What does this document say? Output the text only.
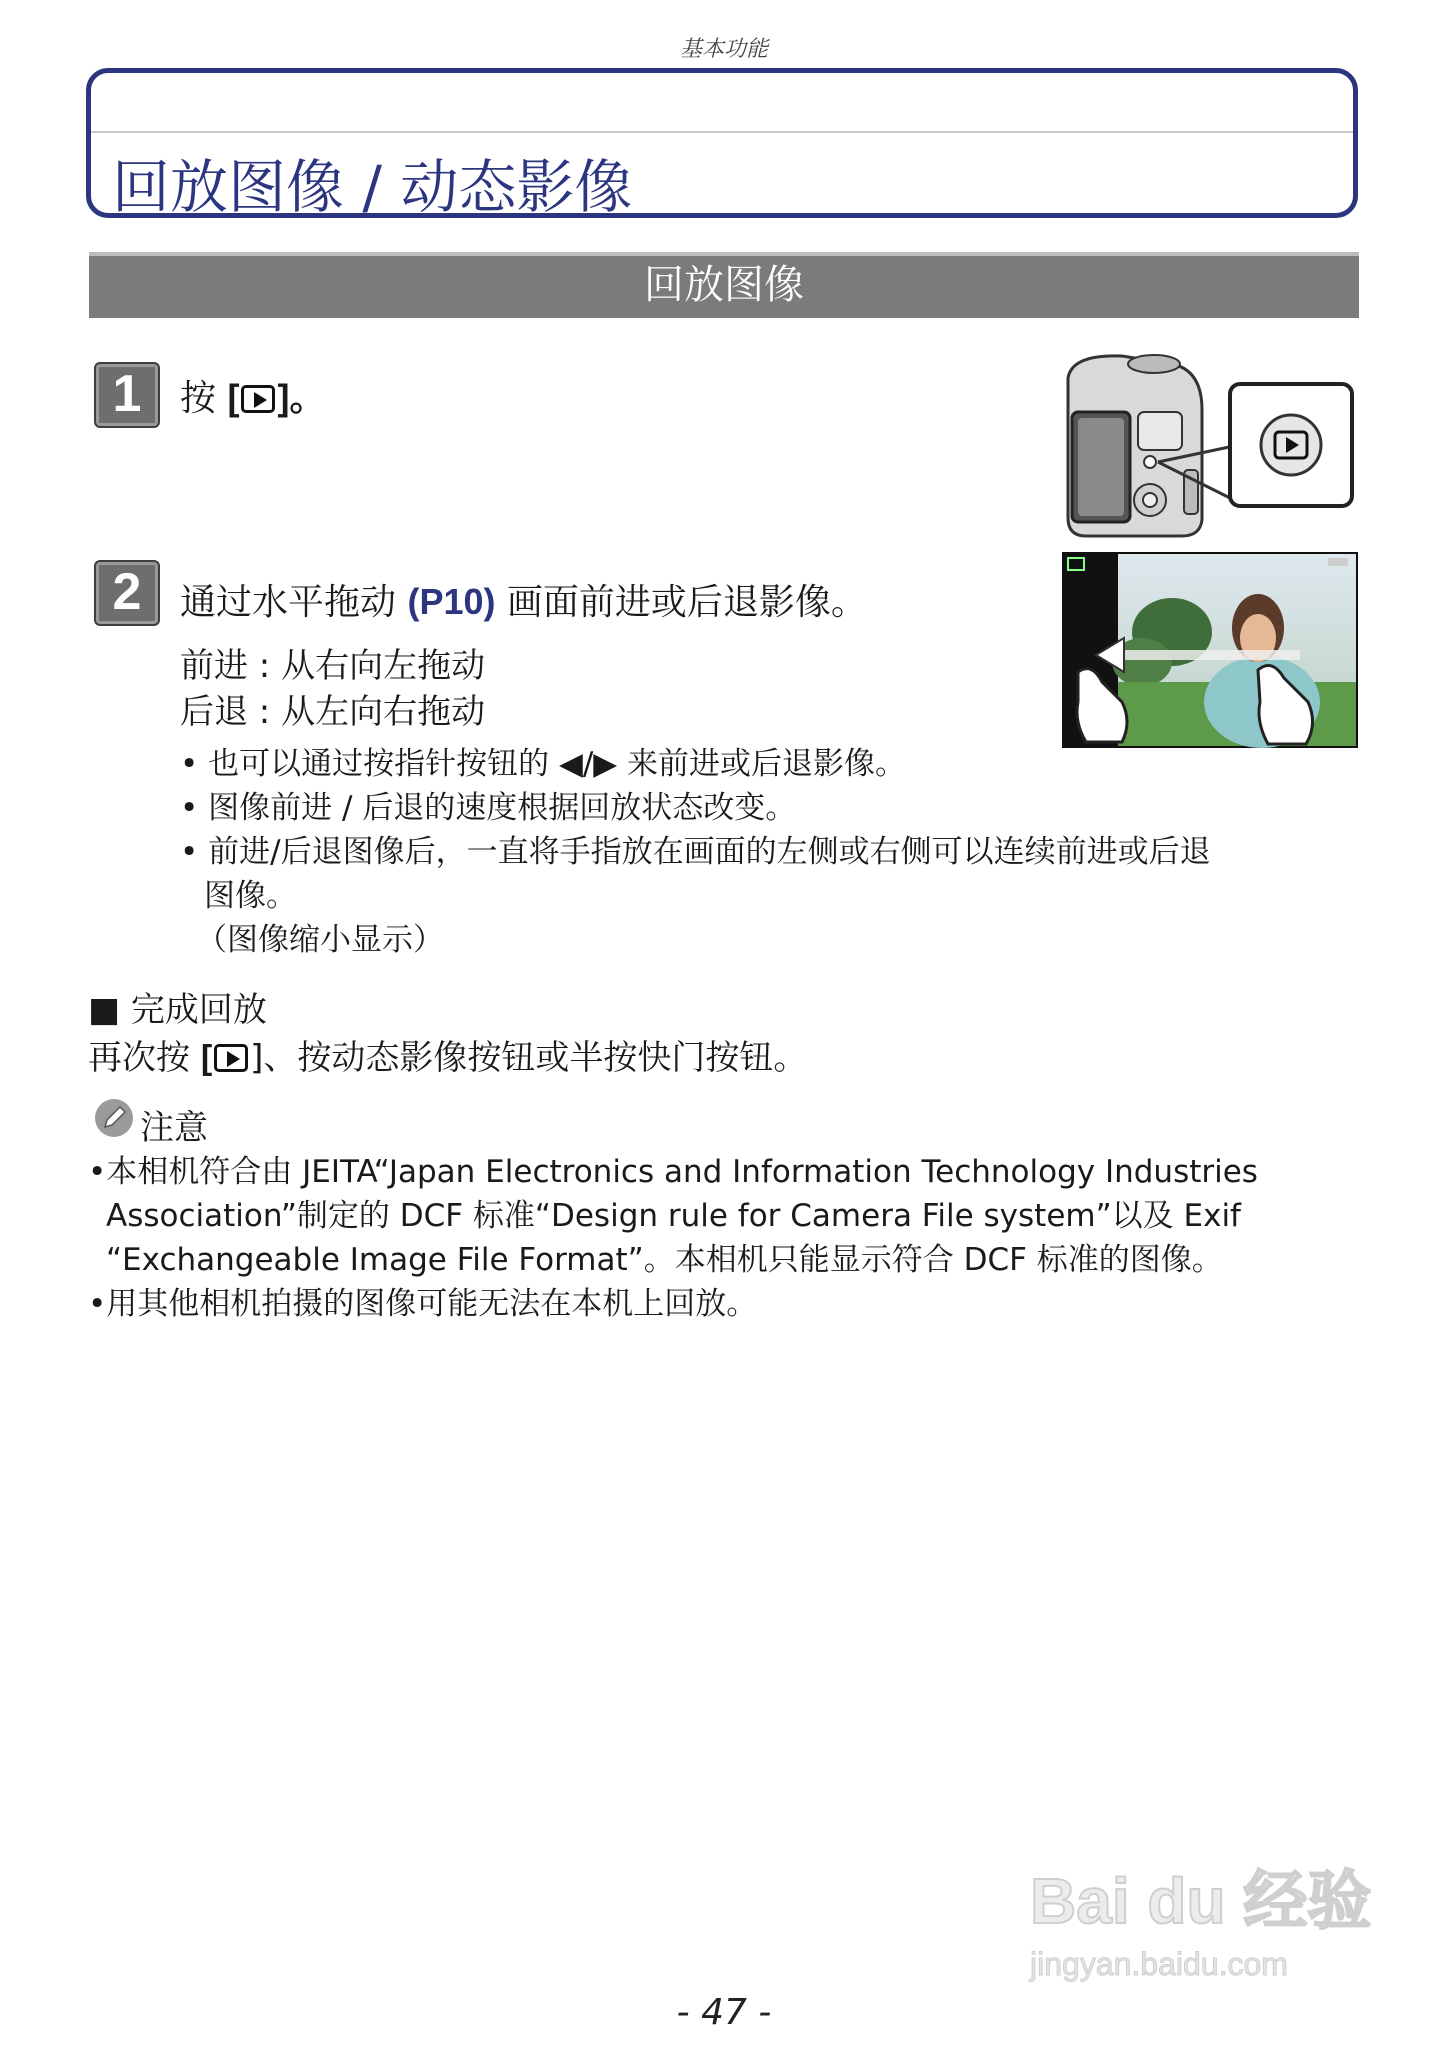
基本功能
回放图像 / 动态影像
回放图像
1	按 [ ]。
2	通过水平拖动 (P10) 画面前进或后退影像。
前进 : 从右向左拖动
后退 : 从左向右拖动
• 也可以通过按指针按钮的 ◀/▶ 来前进或后退影像。
• 图像前进 / 后退的速度根据回放状态改变。
• 前进/后退图像后，一直将手指放在画面的左侧或右侧可以连续前进或后退
图像。
（图像缩小显示）
■ 完成回放
再次按 [ ]、按动态影像按钮或半按快门按钮。
注意
•本相机符合由 JEITA“Japan Electronics and Information Technology Industries
Association”制定的 DCF 标准“Design rule for Camera File system”以及 Exif
“Exchangeable Image File Format”。本相机只能显示符合 DCF 标准的图像。
•用其他相机拍摄的图像可能无法在本机上回放。
Bai du 经验
jingyan.baidu.com
- 47 -
